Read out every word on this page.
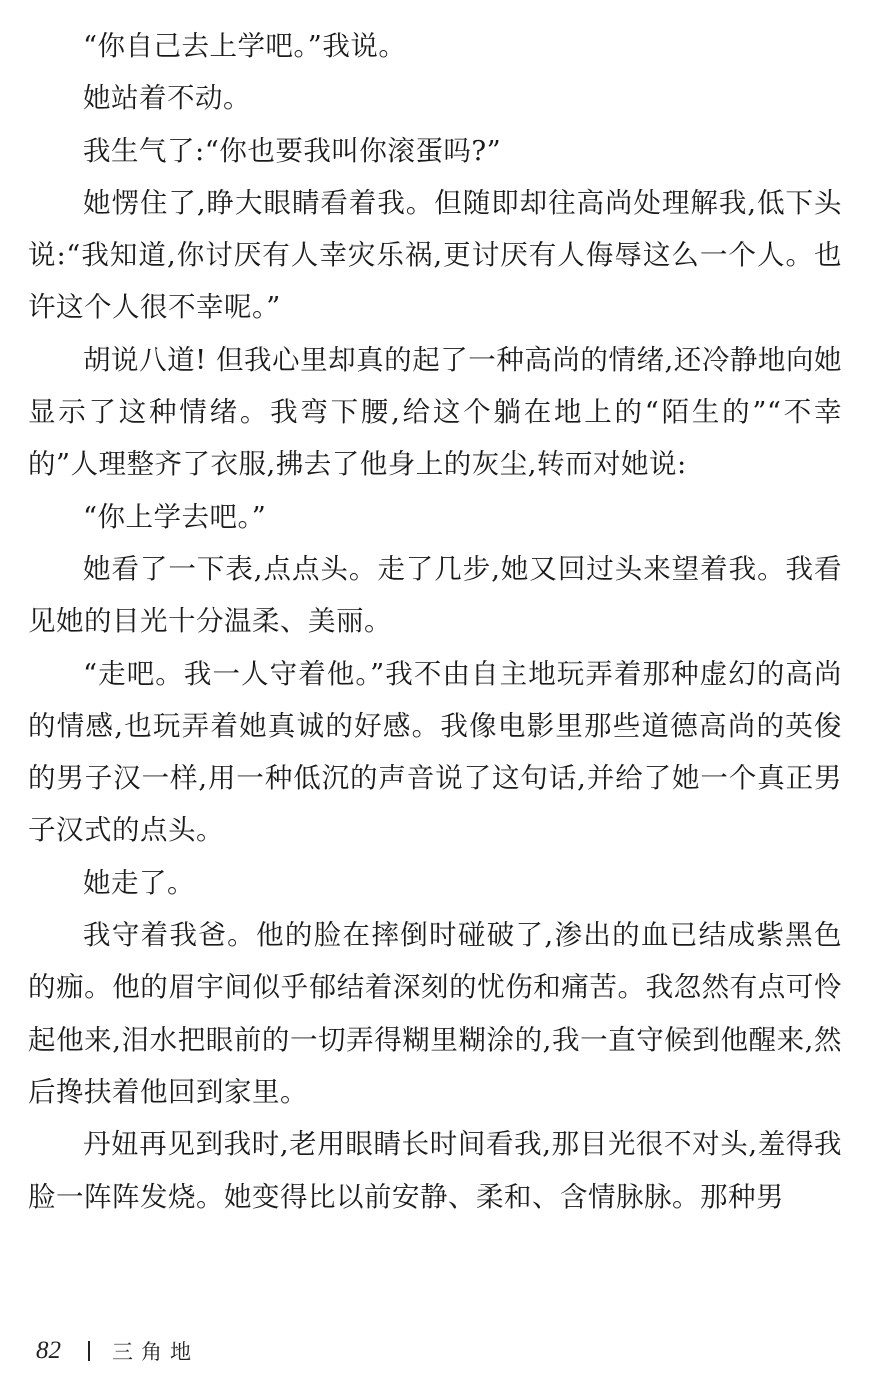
“你自己去上学吧。”我说。

她站着不动。

我生气了:“你也要我叫你滚蛋吗?”

她愣住了,睁大眼睛看着我。但随即却往高尚处理解我,低下头说:“我知道,你讨厌有人幸灾乐祸,更讨厌有人侮辱这么一个人。也许这个人很不幸呢。”

胡说八道! 但我心里却真的起了一种高尚的情绪,还冷静地向她显示了这种情绪。我弯下腰,给这个躺在地上的“陌生的”“不幸的”人理整齐了衣服,拂去了他身上的灰尘,转而对她说:

“你上学去吧。”

她看了一下表,点点头。走了几步,她又回过头来望着我。我看见她的目光十分温柔、美丽。

“走吧。我一人守着他。”我不由自主地玩弄着那种虚幻的高尚的情感,也玩弄着她真诚的好感。我像电影里那些道德高尚的英俊的男子汉一样,用一种低沉的声音说了这句话,并给了她一个真正男子汉式的点头。

她走了。

我守着我爸。他的脸在摔倒时碰破了,渗出的血已结成紫黑色的痂。他的眉宇间似乎郁结着深刻的忧伤和痛苦。我忽然有点可怜起他来,泪水把眼前的一切弄得糊里糊涂的,我一直守候到他醒来,然后搀扶着他回到家里。

丹妞再见到我时,老用眼睛长时间看我,那目光很不对头,羞得我脸一阵阵发烧。她变得比以前安静、柔和、含情脉脉。那种男

82	三角地
